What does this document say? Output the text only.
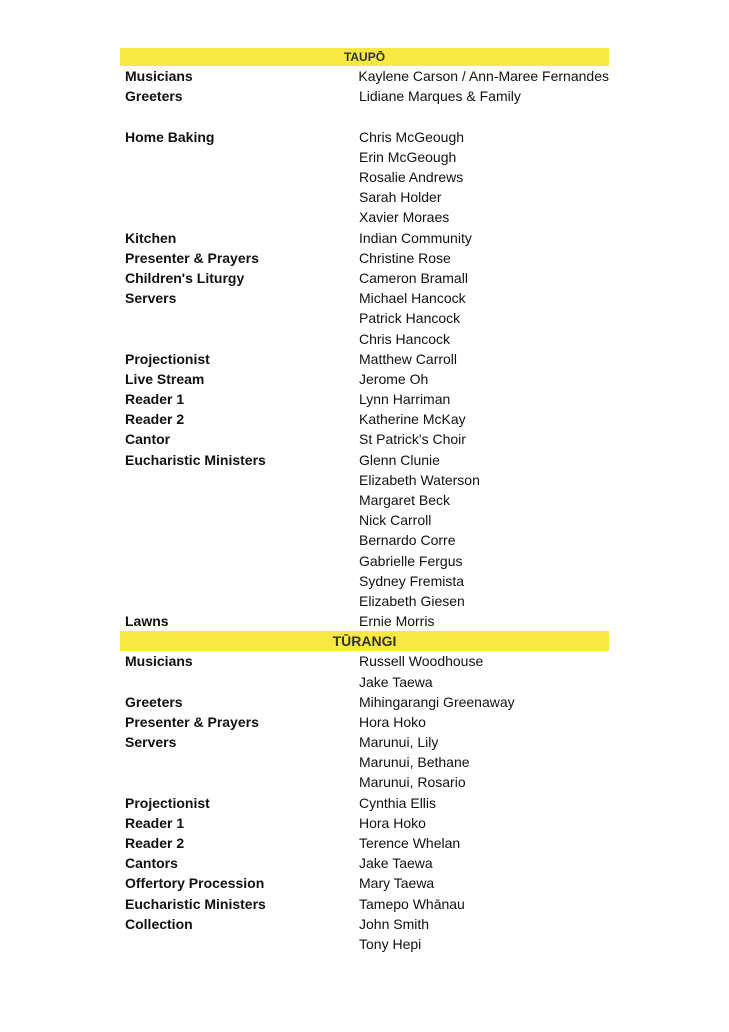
TAUPŌ
Musicians	Kaylene Carson / Ann-Maree Fernandes
Greeters	Lidiane Marques & Family
Home Baking	Chris McGeough
Erin McGeough
Rosalie Andrews
Sarah Holder
Xavier Moraes
Kitchen	Indian Community
Presenter & Prayers	Christine Rose
Children's Liturgy	Cameron Bramall
Servers	Michael Hancock
Patrick Hancock
Chris Hancock
Projectionist	Matthew Carroll
Live Stream	Jerome Oh
Reader 1	Lynn Harriman
Reader 2	Katherine McKay
Cantor	St Patrick's Choir
Eucharistic Ministers	Glenn Clunie
Elizabeth Waterson
Margaret Beck
Nick Carroll
Bernardo Corre
Gabrielle Fergus
Sydney Fremista
Elizabeth Giesen
Lawns	Ernie Morris
TŪRANGI
Musicians	Russell Woodhouse
Jake Taewa
Greeters	Mihingarangi Greenaway
Presenter & Prayers	Hora Hoko
Servers	Marunui, Lily
Marunui, Bethane
Marunui, Rosario
Projectionist	Cynthia Ellis
Reader 1	Hora Hoko
Reader 2	Terence Whelan
Cantors	Jake Taewa
Offertory Procession	Mary Taewa
Eucharistic Ministers	Tamepo Whānau
Collection	John Smith
Tony Hepi
